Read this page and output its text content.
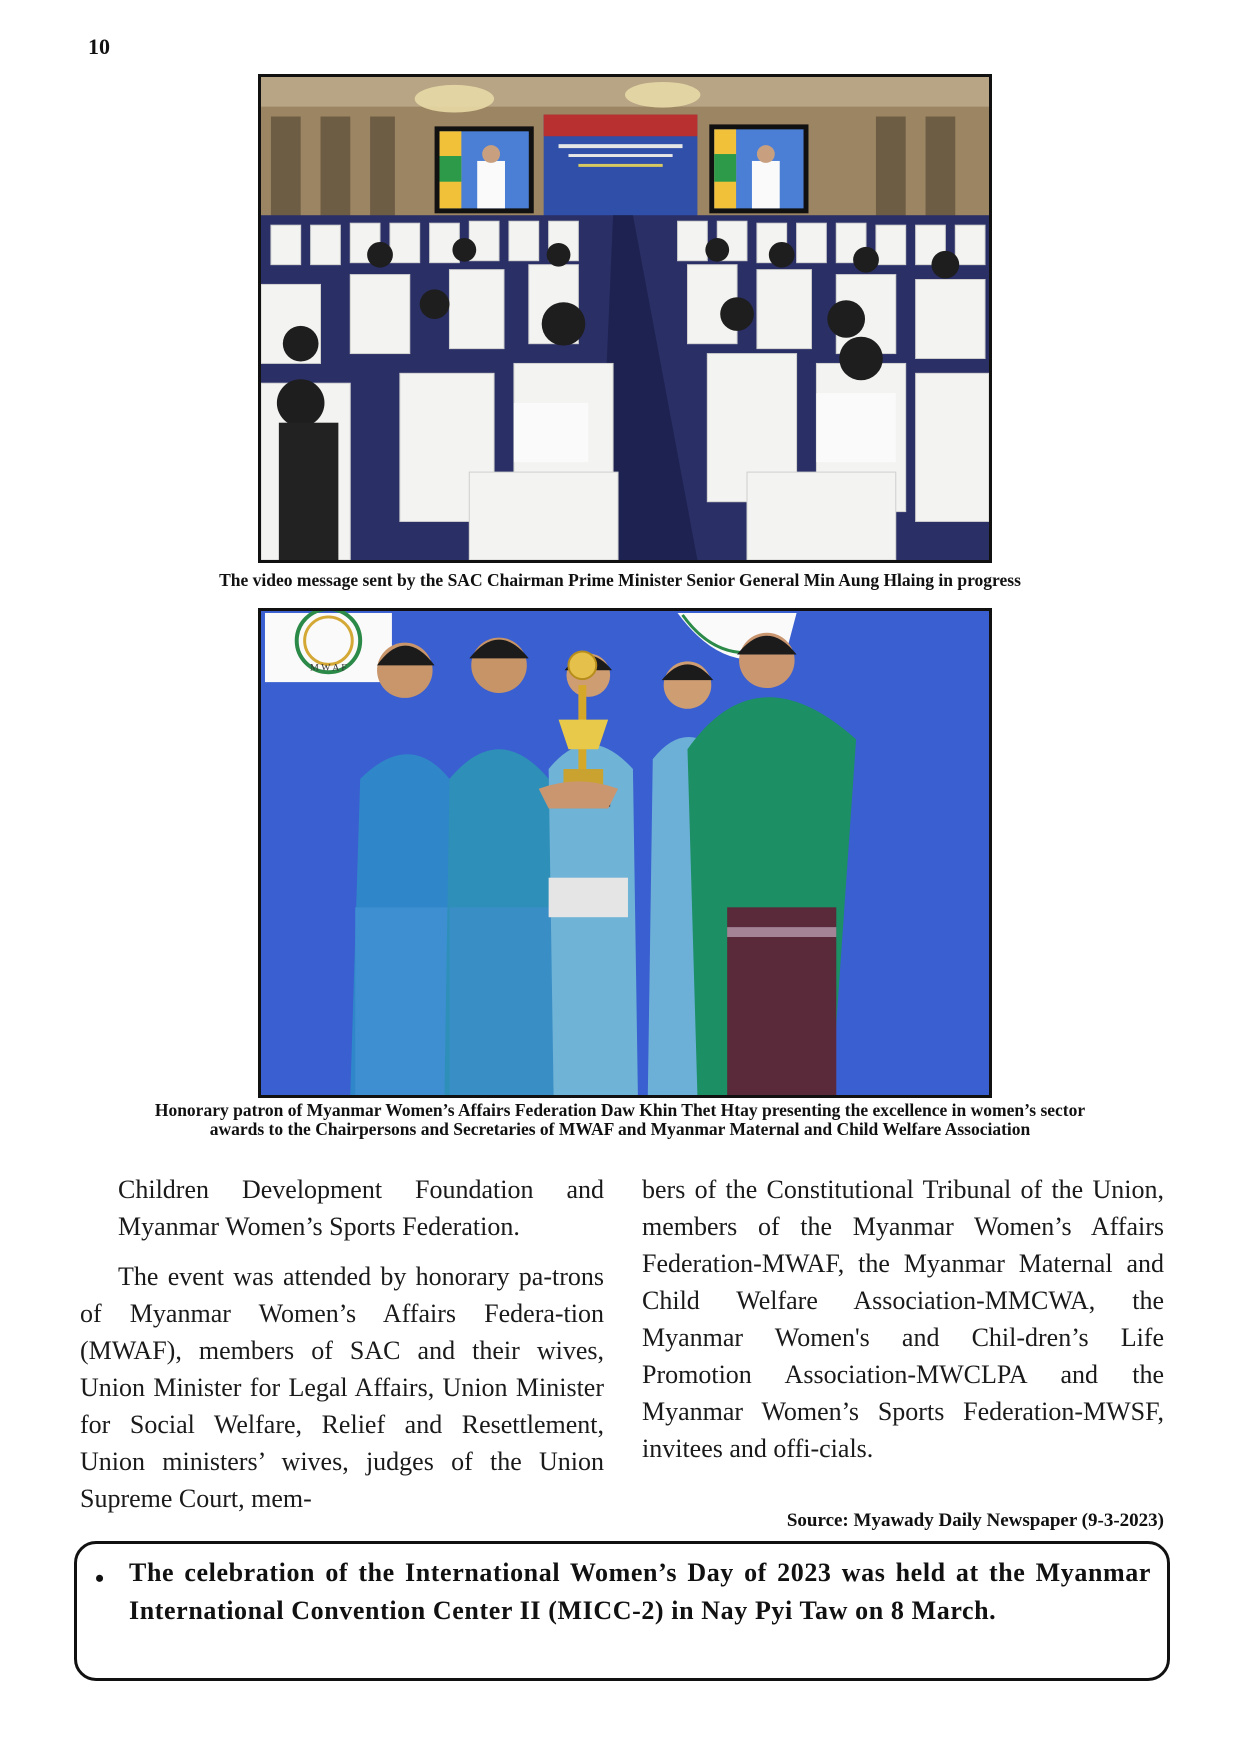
10
The video message sent by the SAC Chairman Prime Minister Senior General Min Aung Hlaing in progress
M W A F
Honorary patron of Myanmar Women’s Affairs Federation Daw Khin Thet Htay presenting the excellence in women’s sector awards to the Chairpersons and Secretaries of MWAF and Myanmar Maternal and Child Welfare Association

Children Development Foundation and Myanmar Women’s Sports Federation.

The event was attended by honorary pa-trons of Myanmar Women’s Affairs Federa-tion (MWAF), members of SAC and their wives, Union Minister for Legal Affairs, Union Minister for Social Welfare, Relief and Resettlement, Union ministers’ wives, judges of the Union Supreme Court, mem-

bers of the Constitutional Tribunal of the Union, members of the Myanmar Women’s Affairs Federation-MWAF, the Myanmar Maternal and Child Welfare Association-MMCWA, the Myanmar Women's and Chil-dren’s Life Promotion Association-MWCLPA and the Myanmar Women’s Sports Federation-MWSF, invitees and offi-cials.

Source: Myawady Daily Newspaper (9-3-2023)
• The celebration of the International Women’s Day of 2023 was held at the Myanmar International Convention Center II (MICC-2) in Nay Pyi Taw on 8 March.
